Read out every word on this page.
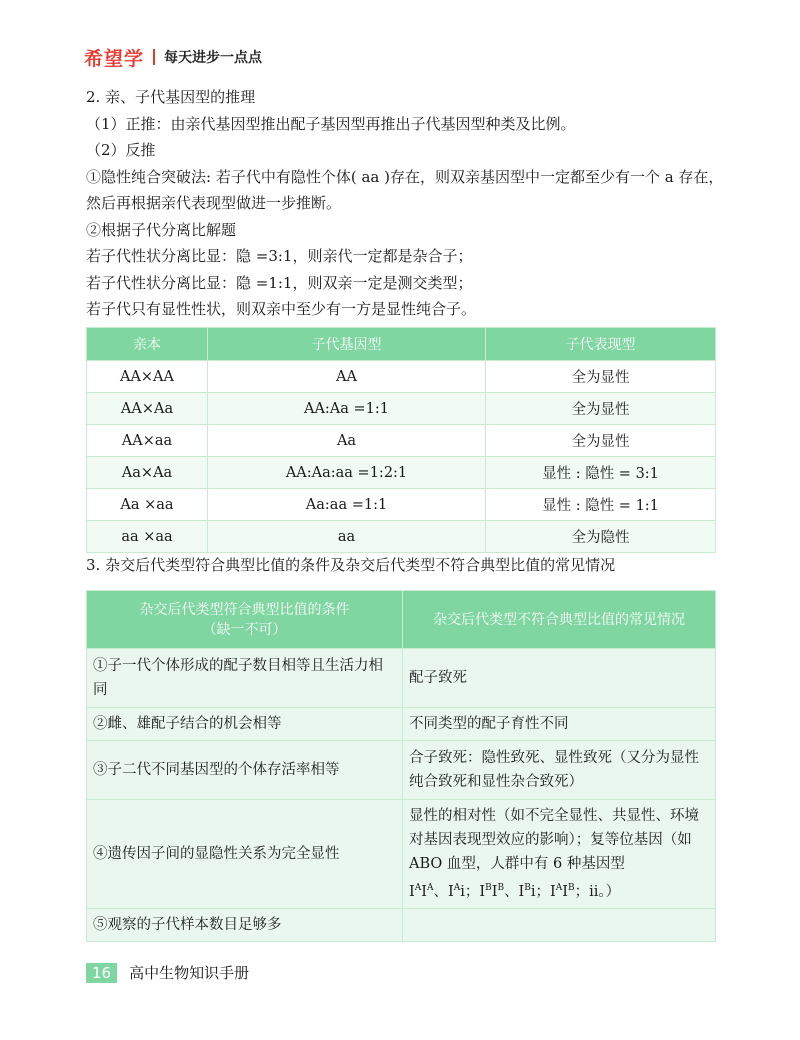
希望学 每天进步一点点

2. 亲、子代基因型的推理

（1）正推：由亲代基因型推出配子基因型再推出子代基因型种类及比例。

（2）反推

①隐性纯合突破法: 若子代中有隐性个体( aa )存在，则双亲基因型中一定都至少有一个 a 存在，

然后再根据亲代表现型做进一步推断。

②根据子代分离比解题

若子代性状分离比显：隐 =3:1，则亲代一定都是杂合子；

若子代性状分离比显：隐 =1:1，则双亲一定是测交类型；

若子代只有显性性状，则双亲中至少有一方是显性纯合子。

亲本	子代基因型	子代表现型
AA×AA	AA	全为显性
AA×Aa	AA:Aa =1:1	全为显性
AA×aa	Aa	全为显性
Aa×Aa	AA:Aa:aa =1:2:1	显性 : 隐性 = 3:1
Aa ×aa	Aa:aa =1:1	显性 : 隐性 = 1:1
aa ×aa	aa	全为隐性
3. 杂交后代类型符合典型比值的条件及杂交后代类型不符合典型比值的常见情况
杂交后代类型符合典型比值的条件
（缺一不可）	杂交后代类型不符合典型比值的常见情况
①子一代个体形成的配子数目相等且生活力相同	配子致死
②雌、雄配子结合的机会相等	不同类型的配子育性不同
③子二代不同基因型的个体存活率相等	合子致死：隐性致死、显性致死（又分为显性纯合致死和显性杂合致死）
④遗传因子间的显隐性关系为完全显性	显性的相对性（如不完全显性、共显性、环境对基因表现型效应的影响）；复等位基因（如 ABO 血型，人群中有 6 种基因型
$I^AI^A$、$I^Ai$；$I^BI^B$、$I^Bi$；$I^AI^B$；ii。）
⑤观察的子代样本数目足够多	
16	高中生物知识手册
